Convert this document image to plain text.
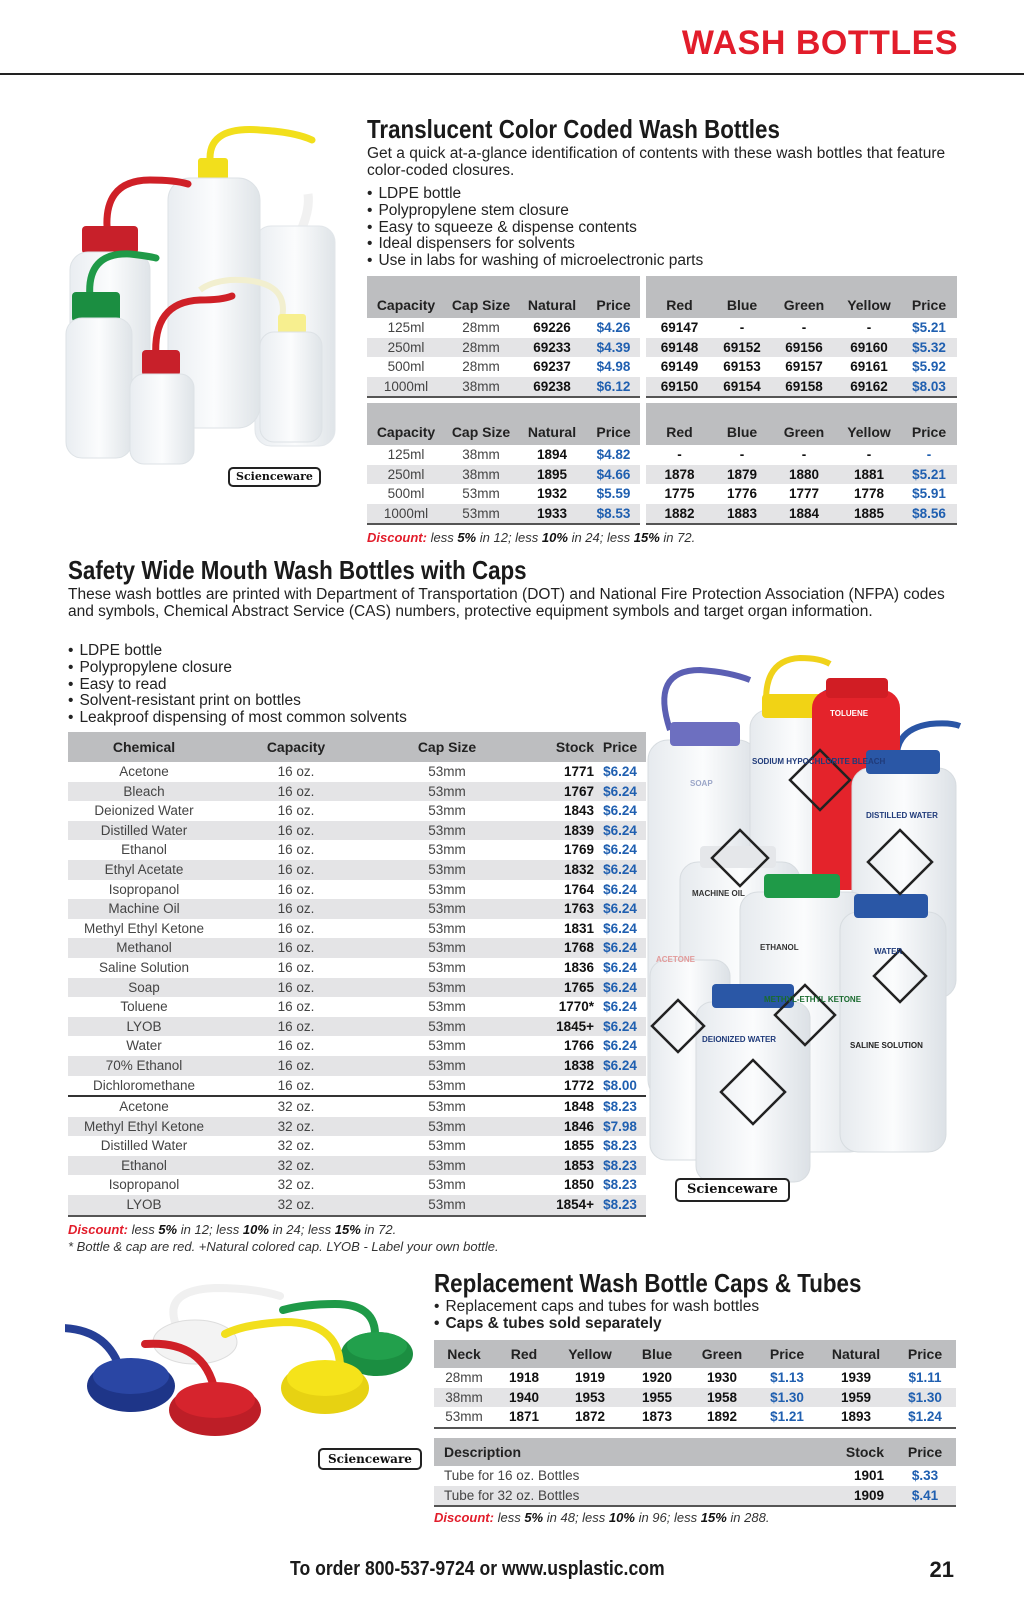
WASH BOTTLES
Scienceware
Translucent Color Coded Wash Bottles
Get a quick at-a-glance identification of contents with these wash bottles that feature color-coded closures.
• LDPE bottle
• Polypropylene stem closure
• Easy to squeeze & dispense contents
• Ideal dispensers for solvents
• Use in labs for washing of microelectronic parts
Capacity	Cap Size	Natural	Price	Red	Blue	Green	Yellow	Price
125ml	28mm	69226	$4.26	69147	-	-	-	$5.21
250ml	28mm	69233	$4.39	69148	69152	69156	69160	$5.32
500ml	28mm	69237	$4.98	69149	69153	69157	69161	$5.92
1000ml	38mm	69238	$6.12	69150	69154	69158	69162	$8.03
Capacity	Cap Size	Natural	Price	Red	Blue	Green	Yellow	Price
125ml	38mm	1894	$4.82	-	-	-	-	-
250ml	38mm	1895	$4.66	1878	1879	1880	1881	$5.21
500ml	53mm	1932	$5.59	1775	1776	1777	1778	$5.91
1000ml	53mm	1933	$8.53	1882	1883	1884	1885	$8.56
Discount: less 5% in 12; less 10% in 24; less 15% in 72.
Safety Wide Mouth Wash Bottles with Caps
These wash bottles are printed with Department of Transportation (DOT) and National Fire Protection Association (NFPA) codes and symbols, Chemical Abstract Service (CAS) numbers, protective equipment symbols and target organ information.
• LDPE bottle
• Polypropylene closure
• Easy to read
• Solvent-resistant print on bottles
• Leakproof dispensing of most common solvents
Chemical	Capacity	Cap Size	Stock	Price
Acetone	16 oz.	53mm	1771	$6.24
Bleach	16 oz.	53mm	1767	$6.24
Deionized Water	16 oz.	53mm	1843	$6.24
Distilled Water	16 oz.	53mm	1839	$6.24
Ethanol	16 oz.	53mm	1769	$6.24
Ethyl Acetate	16 oz.	53mm	1832	$6.24
Isopropanol	16 oz.	53mm	1764	$6.24
Machine Oil	16 oz.	53mm	1763	$6.24
Methyl Ethyl Ketone	16 oz.	53mm	1831	$6.24
Methanol	16 oz.	53mm	1768	$6.24
Saline Solution	16 oz.	53mm	1836	$6.24
Soap	16 oz.	53mm	1765	$6.24
Toluene	16 oz.	53mm	1770*	$6.24
LYOB	16 oz.	53mm	1845+	$6.24
Water	16 oz.	53mm	1766	$6.24
70% Ethanol	16 oz.	53mm	1838	$6.24
Dichloromethane	16 oz.	53mm	1772	$8.00
Acetone	32 oz.	53mm	1848	$8.23
Methyl Ethyl Ketone	32 oz.	53mm	1846	$7.98
Distilled Water	32 oz.	53mm	1855	$8.23
Ethanol	32 oz.	53mm	1853	$8.23
Isopropanol	32 oz.	53mm	1850	$8.23
LYOB	32 oz.	53mm	1854+	$8.23
Discount: less 5% in 12; less 10% in 24; less 15% in 72.
* Bottle & cap are red. +Natural colored cap. LYOB - Label your own bottle.
TOLUENE
SODIUM HYPOCHLORITE BLEACH
DISTILLED WATER
MACHINE OIL
ETHANOL	WATER
ACETONE
METHYL-ETHYL KETONE
SALINE SOLUTION
DEIONIZED WATER
SOAP
Scienceware
Scienceware
Replacement Wash Bottle Caps & Tubes
• Replacement caps and tubes for wash bottles
• Caps & tubes sold separately
Neck	Red	Yellow	Blue	Green	Price	Natural	Price
28mm	1918	1919	1920	1930	$1.13	1939	$1.11
38mm	1940	1953	1955	1958	$1.30	1959	$1.30
53mm	1871	1872	1873	1892	$1.21	1893	$1.24
Description	Stock	Price
Tube for 16 oz. Bottles	1901	$.33
Tube for 32 oz. Bottles	1909	$.41
Discount: less 5% in 48; less 10% in 96; less 15% in 288.
To order 800-537-9724 or www.usplastic.com	21
